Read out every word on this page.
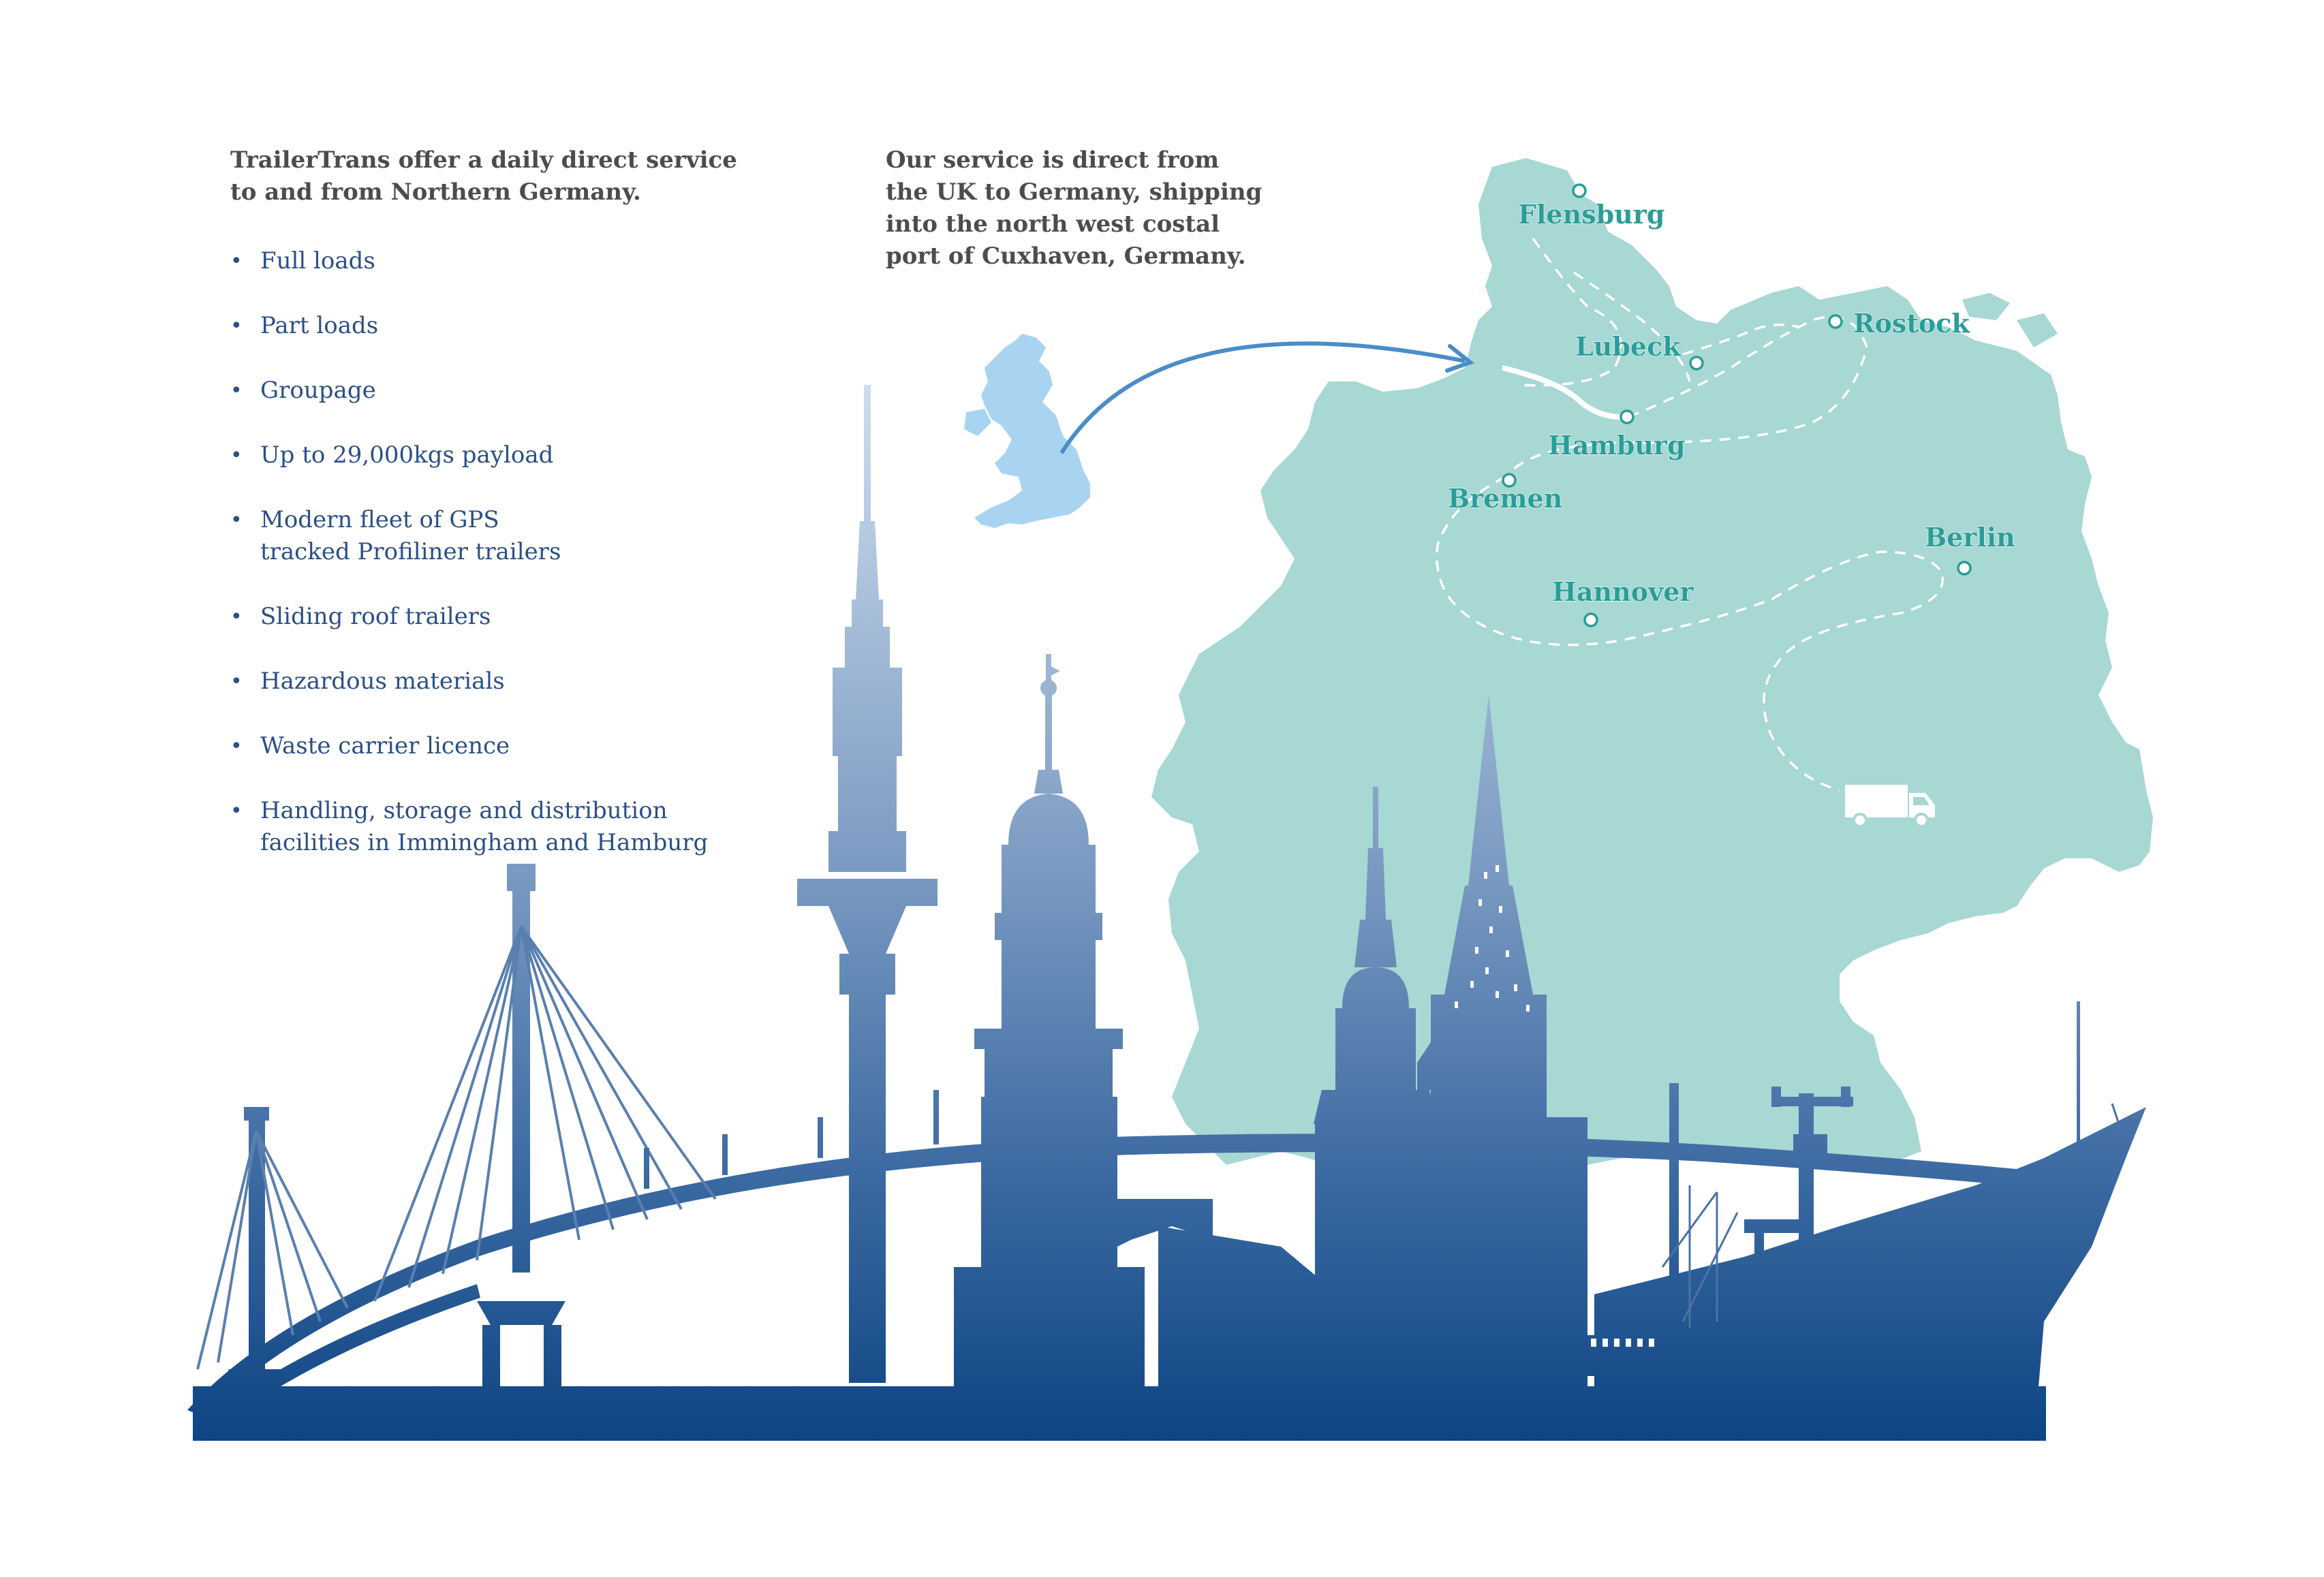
TrailerTrans offer a daily direct service to and from Northern Germany.

• Full loads
• Part loads
• Groupage
• Up to 29,000kgs payload
• Modern fleet of GPS
tracked Profiliner trailers
• Sliding roof trailers
• Hazardous materials
• Waste carrier licence
• Handling, storage and distribution
facilities in Immingham and Hamburg

Our service is direct from the UK to Germany, shipping into the north west costal port of Cuxhaven, Germany.

Flensburg
Lubeck
Rostock
Hamburg
Bremen
Berlin
Hannover
